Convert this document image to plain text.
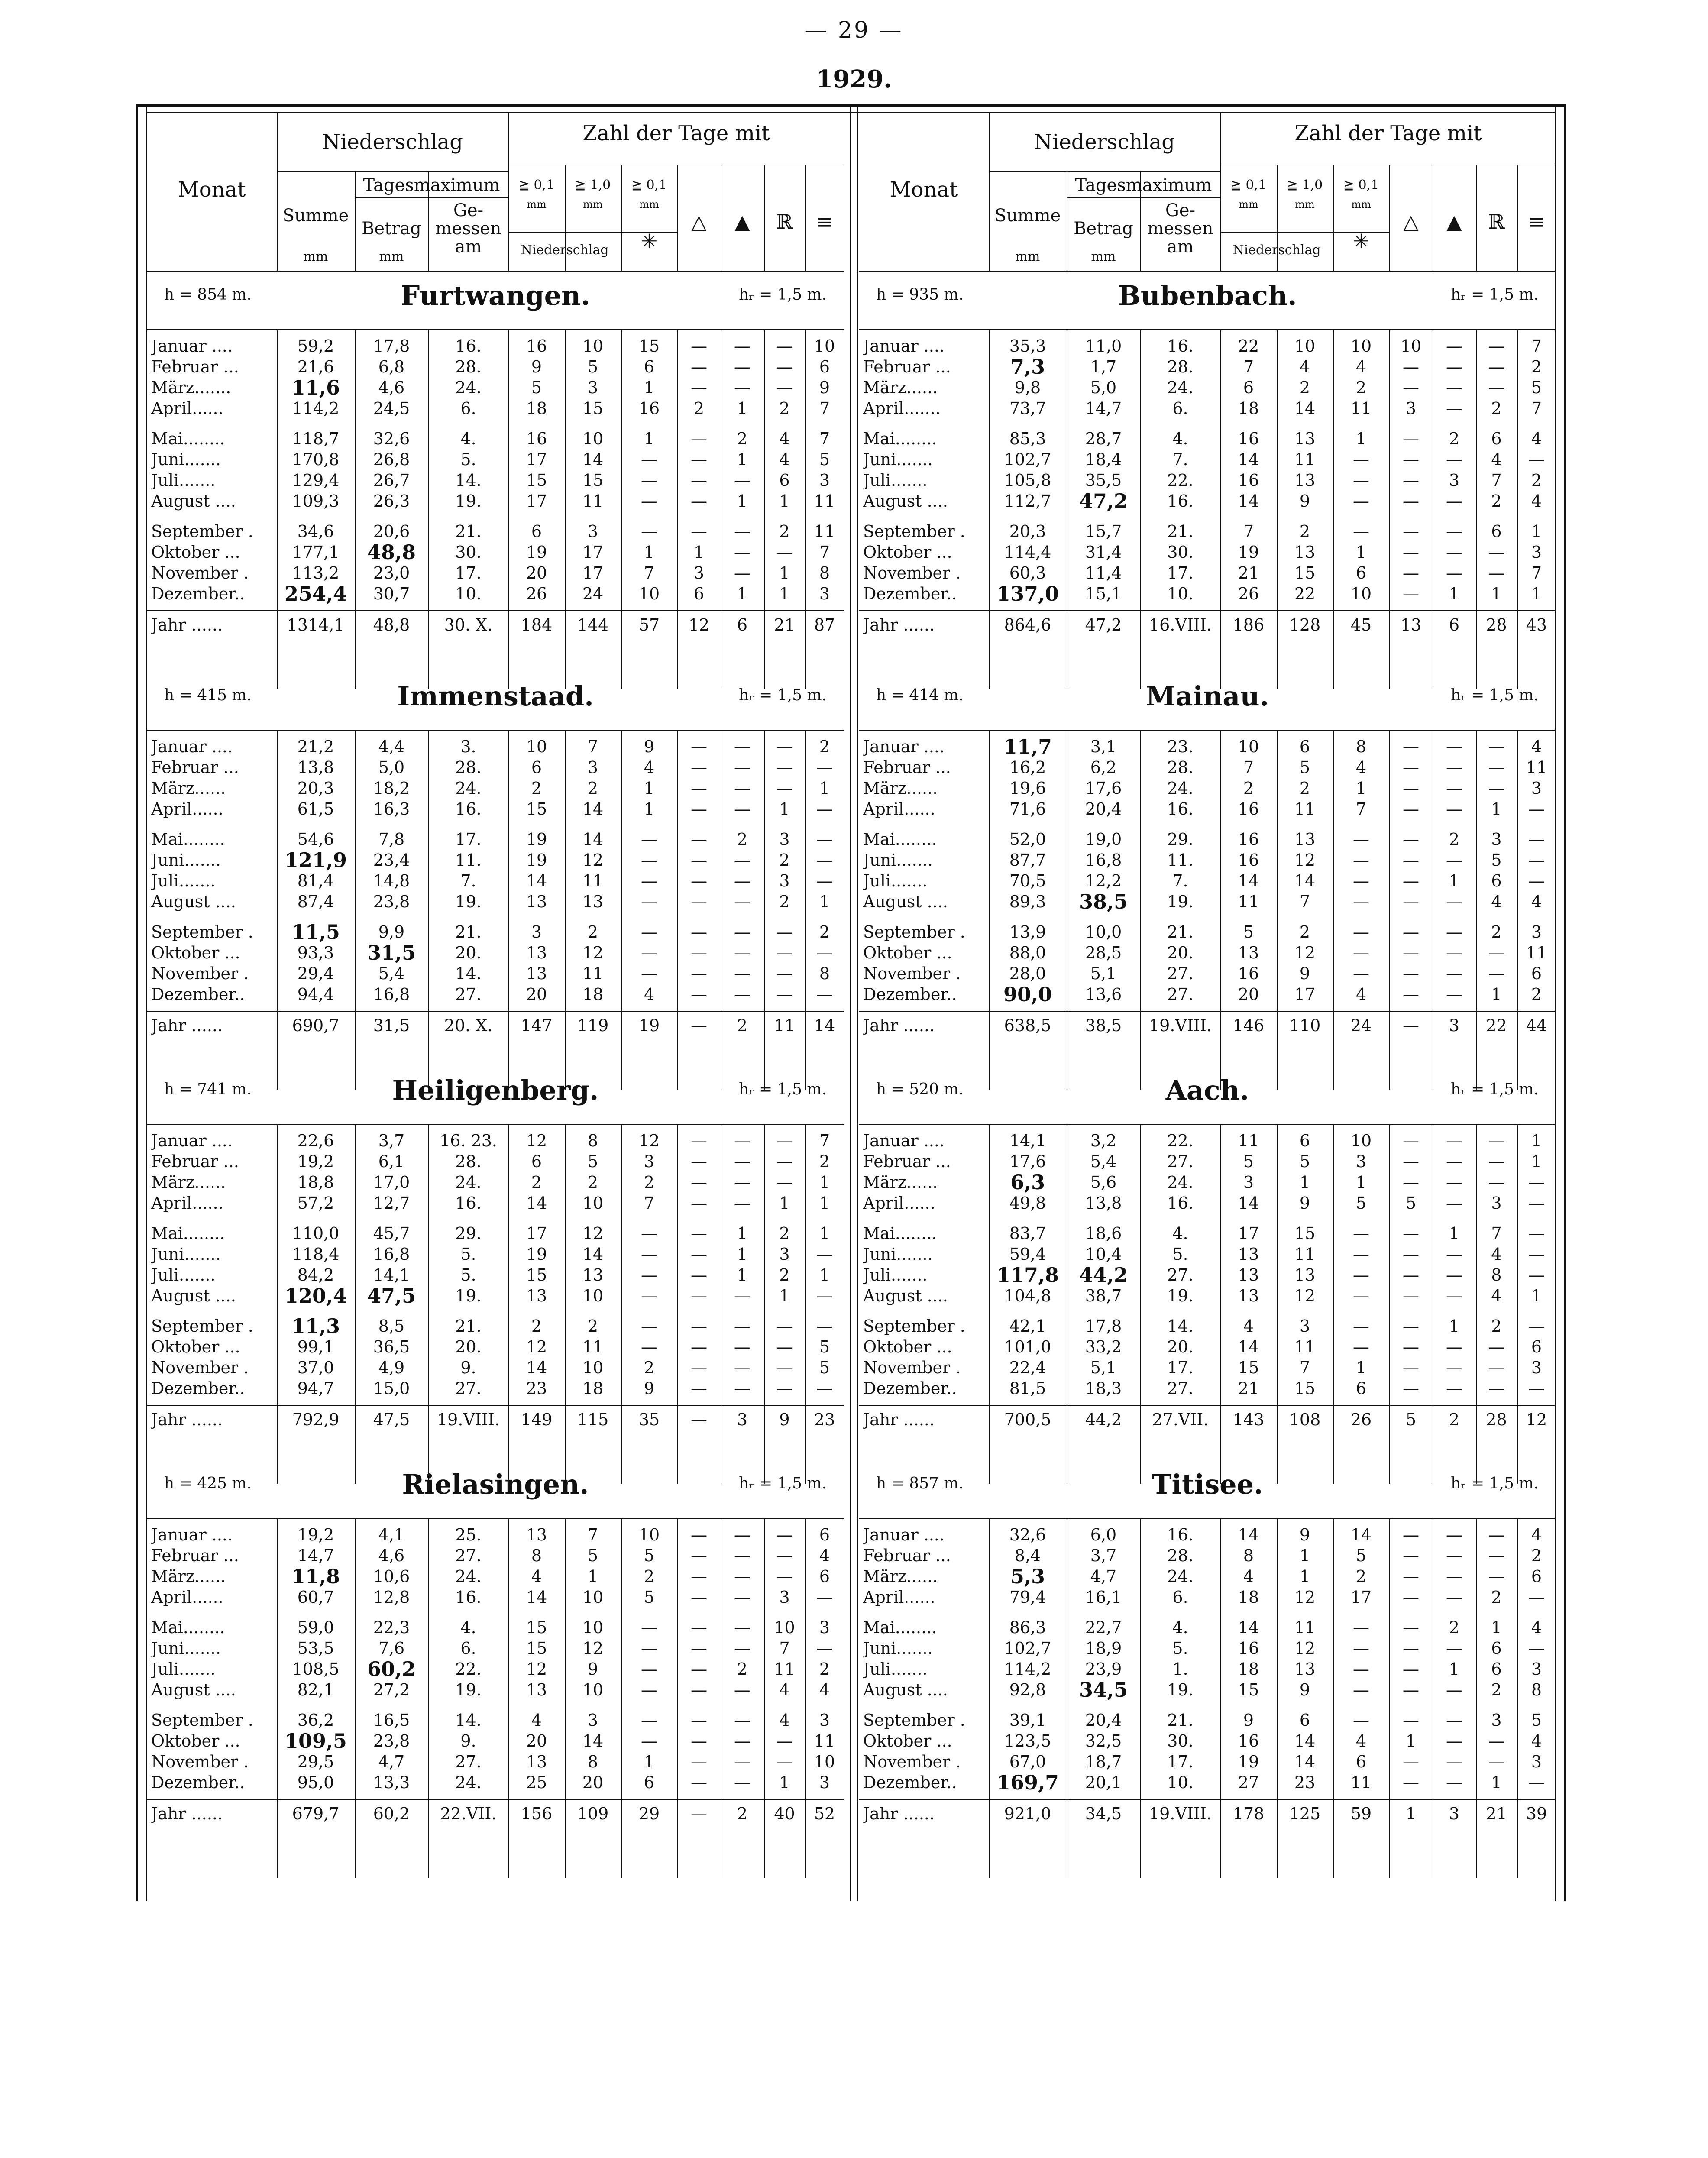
— 29 —
1929.
Monat
Niederschlag	Zahl der Tage mit
Summe
mm
Tagesmaximum
Betrag
mm
Ge-
messen
am
≧ 0,1
mm
≧ 1,0
mm
≧ 0,1
mm
Niederschlag	✳
△	▲	ℝ	≡
h = 854 m.	Furtwangen.	hᵣ = 1,5 m.
Januar ....	59,2	17,8	16.	16	10	15	—	—	—	10
Februar ...	21,6	6,8	28.	9	5	6	—	—	—	6
März.......	11,6	4,6	24.	5	3	1	—	—	—	9
April......	114,2	24,5	6.	18	15	16	2	1	2	7
Mai........	118,7	32,6	4.	16	10	1	—	2	4	7
Juni.......	170,8	26,8	5.	17	14	—	—	1	4	5
Juli.......	129,4	26,7	14.	15	15	—	—	—	6	3
August ....	109,3	26,3	19.	17	11	—	—	1	1	11
September .	34,6	20,6	21.	6	3	—	—	—	2	11
Oktober ...	177,1	48,8	30.	19	17	1	1	—	—	7
November .	113,2	23,0	17.	20	17	7	3	—	1	8
Dezember..	254,4	30,7	10.	26	24	10	6	1	1	3
Jahr ......	1314,1	48,8	30. X.	184	144	57	12	6	21	87
h = 415 m.	Immenstaad.	hᵣ = 1,5 m.
Januar ....	21,2	4,4	3.	10	7	9	—	—	—	2
Februar ...	13,8	5,0	28.	6	3	4	—	—	—	—
März......	20,3	18,2	24.	2	2	1	—	—	—	1
April......	61,5	16,3	16.	15	14	1	—	—	1	—
Mai........	54,6	7,8	17.	19	14	—	—	2	3	—
Juni.......	121,9	23,4	11.	19	12	—	—	—	2	—
Juli.......	81,4	14,8	7.	14	11	—	—	—	3	—
August ....	87,4	23,8	19.	13	13	—	—	—	2	1
September .	11,5	9,9	21.	3	2	—	—	—	—	2
Oktober ...	93,3	31,5	20.	13	12	—	—	—	—	—
November .	29,4	5,4	14.	13	11	—	—	—	—	8
Dezember..	94,4	16,8	27.	20	18	4	—	—	—	—
Jahr ......	690,7	31,5	20. X.	147	119	19	—	2	11	14
h = 741 m.	Heiligenberg.	hᵣ = 1,5 m.
Januar ....	22,6	3,7	16. 23.	12	8	12	—	—	—	7
Februar ...	19,2	6,1	28.	6	5	3	—	—	—	2
März......	18,8	17,0	24.	2	2	2	—	—	—	1
April......	57,2	12,7	16.	14	10	7	—	—	1	1
Mai........	110,0	45,7	29.	17	12	—	—	1	2	1
Juni.......	118,4	16,8	5.	19	14	—	—	1	3	—
Juli.......	84,2	14,1	5.	15	13	—	—	1	2	1
August ....	120,4	47,5	19.	13	10	—	—	—	1	—
September .	11,3	8,5	21.	2	2	—	—	—	—	—
Oktober ...	99,1	36,5	20.	12	11	—	—	—	—	5
November .	37,0	4,9	9.	14	10	2	—	—	—	5
Dezember..	94,7	15,0	27.	23	18	9	—	—	—	—
Jahr ......	792,9	47,5	19.VIII.	149	115	35	—	3	9	23
h = 425 m.	Rielasingen.	hᵣ = 1,5 m.
Januar ....	19,2	4,1	25.	13	7	10	—	—	—	6
Februar ...	14,7	4,6	27.	8	5	5	—	—	—	4
März......	11,8	10,6	24.	4	1	2	—	—	—	6
April......	60,7	12,8	16.	14	10	5	—	—	3	—
Mai........	59,0	22,3	4.	15	10	—	—	—	10	3
Juni.......	53,5	7,6	6.	15	12	—	—	—	7	—
Juli.......	108,5	60,2	22.	12	9	—	—	2	11	2
August ....	82,1	27,2	19.	13	10	—	—	—	4	4
September .	36,2	16,5	14.	4	3	—	—	—	4	3
Oktober ...	109,5	23,8	9.	20	14	—	—	—	—	11
November .	29,5	4,7	27.	13	8	1	—	—	—	10
Dezember..	95,0	13,3	24.	25	20	6	—	—	1	3
Jahr ......	679,7	60,2	22.VII.	156	109	29	—	2	40	52
Monat
Niederschlag	Zahl der Tage mit
Summe
mm
Tagesmaximum
Betrag
mm
Ge-
messen
am
≧ 0,1
mm
≧ 1,0
mm
≧ 0,1
mm
Niederschlag	✳
△	▲	ℝ	≡
h = 935 m.	Bubenbach.	hᵣ = 1,5 m.
Januar ....	35,3	11,0	16.	22	10	10	10	—	—	7
Februar ...	7,3	1,7	28.	7	4	4	—	—	—	2
März......	9,8	5,0	24.	6	2	2	—	—	—	5
April.......	73,7	14,7	6.	18	14	11	3	—	2	7
Mai........	85,3	28,7	4.	16	13	1	—	2	6	4
Juni.......	102,7	18,4	7.	14	11	—	—	—	4	—
Juli.......	105,8	35,5	22.	16	13	—	—	3	7	2
August ....	112,7	47,2	16.	14	9	—	—	—	2	4
September .	20,3	15,7	21.	7	2	—	—	—	6	1
Oktober ...	114,4	31,4	30.	19	13	1	—	—	—	3
November .	60,3	11,4	17.	21	15	6	—	—	—	7
Dezember..	137,0	15,1	10.	26	22	10	—	1	1	1
Jahr ......	864,6	47,2	16.VIII.	186	128	45	13	6	28	43
h = 414 m.	Mainau.	hᵣ = 1,5 m.
Januar ....	11,7	3,1	23.	10	6	8	—	—	—	4
Februar ...	16,2	6,2	28.	7	5	4	—	—	—	11
März......	19,6	17,6	24.	2	2	1	—	—	—	3
April......	71,6	20,4	16.	16	11	7	—	—	1	—
Mai........	52,0	19,0	29.	16	13	—	—	2	3	—
Juni.......	87,7	16,8	11.	16	12	—	—	—	5	—
Juli.......	70,5	12,2	7.	14	14	—	—	1	6	—
August ....	89,3	38,5	19.	11	7	—	—	—	4	4
September .	13,9	10,0	21.	5	2	—	—	—	2	3
Oktober ...	88,0	28,5	20.	13	12	—	—	—	—	11
November .	28,0	5,1	27.	16	9	—	—	—	—	6
Dezember..	90,0	13,6	27.	20	17	4	—	—	1	2
Jahr ......	638,5	38,5	19.VIII.	146	110	24	—	3	22	44
h = 520 m.	Aach.	hᵣ = 1,5 m.
Januar ....	14,1	3,2	22.	11	6	10	—	—	—	1
Februar ...	17,6	5,4	27.	5	5	3	—	—	—	1
März......	6,3	5,6	24.	3	1	1	—	—	—	—
April......	49,8	13,8	16.	14	9	5	5	—	3	—
Mai........	83,7	18,6	4.	17	15	—	—	1	7	—
Juni.......	59,4	10,4	5.	13	11	—	—	—	4	—
Juli.......	117,8	44,2	27.	13	13	—	—	—	8	—
August ....	104,8	38,7	19.	13	12	—	—	—	4	1
September .	42,1	17,8	14.	4	3	—	—	1	2	—
Oktober ...	101,0	33,2	20.	14	11	—	—	—	—	6
November .	22,4	5,1	17.	15	7	1	—	—	—	3
Dezember..	81,5	18,3	27.	21	15	6	—	—	—	—
Jahr ......	700,5	44,2	27.VII.	143	108	26	5	2	28	12
h = 857 m.	Titisee.	hᵣ = 1,5 m.
Januar ....	32,6	6,0	16.	14	9	14	—	—	—	4
Februar ...	8,4	3,7	28.	8	1	5	—	—	—	2
März......	5,3	4,7	24.	4	1	2	—	—	—	6
April......	79,4	16,1	6.	18	12	17	—	—	2	—
Mai........	86,3	22,7	4.	14	11	—	—	2	1	4
Juni.......	102,7	18,9	5.	16	12	—	—	—	6	—
Juli.......	114,2	23,9	1.	18	13	—	—	1	6	3
August ....	92,8	34,5	19.	15	9	—	—	—	2	8
September .	39,1	20,4	21.	9	6	—	—	—	3	5
Oktober ...	123,5	32,5	30.	16	14	4	1	—	—	4
November .	67,0	18,7	17.	19	14	6	—	—	—	3
Dezember..	169,7	20,1	10.	27	23	11	—	—	1	—
Jahr ......	921,0	34,5	19.VIII.	178	125	59	1	3	21	39
